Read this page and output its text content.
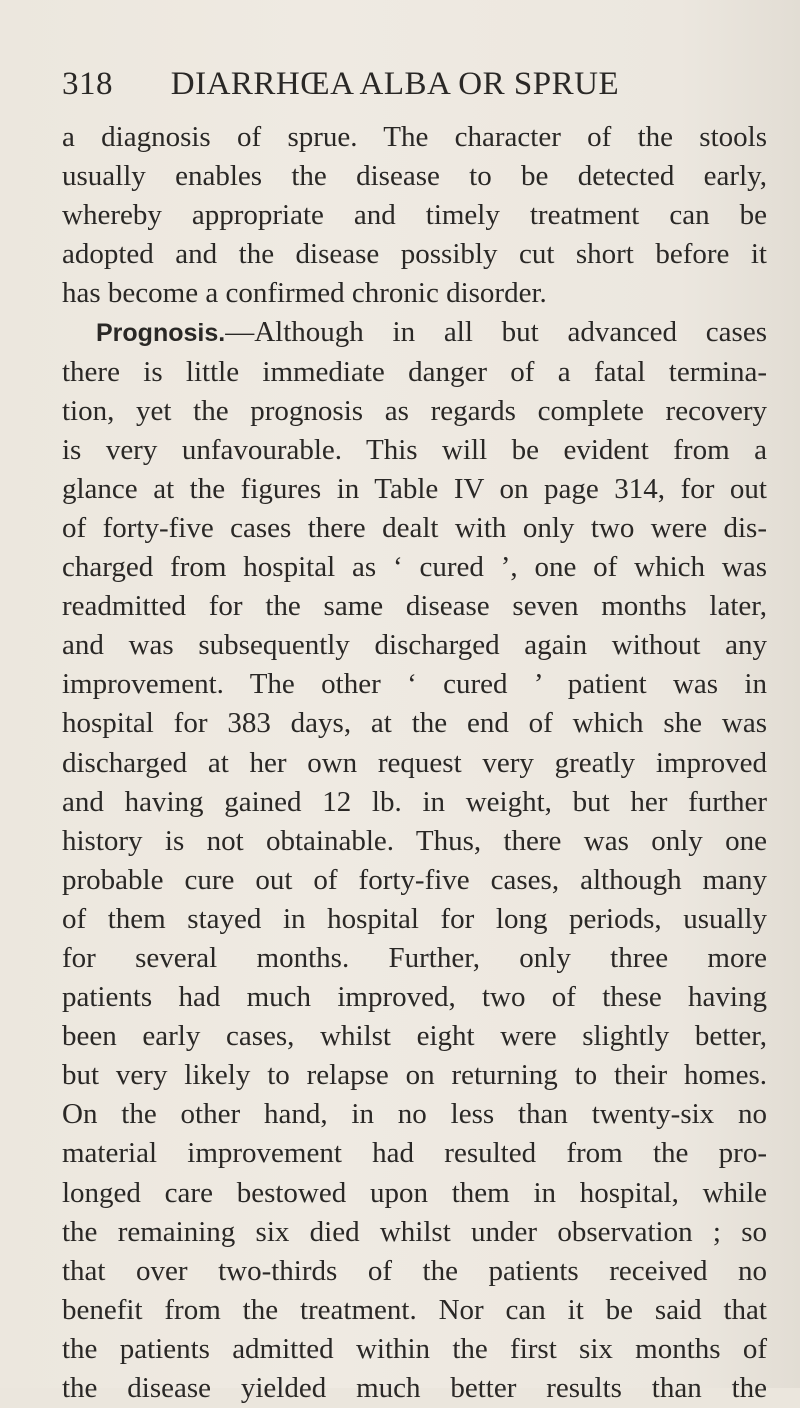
318 DIARRHŒA ALBA OR SPRUE
a diagnosis of sprue. The character of the stools
usually enables the disease to be detected early,
whereby appropriate and timely treatment can be
adopted and the disease possibly cut short before it
has become a confirmed chronic disorder.
Prognosis.—Although in all but advanced cases
there is little immediate danger of a fatal termina-
tion, yet the prognosis as regards complete recovery
is very unfavourable. This will be evident from a
glance at the figures in Table IV on page 314, for out
of forty-five cases there dealt with only two were dis-
charged from hospital as ‘ cured ’, one of which was
readmitted for the same disease seven months later,
and was subsequently discharged again without any
improvement. The other ‘ cured ’ patient was in
hospital for 383 days, at the end of which she was
discharged at her own request very greatly improved
and having gained 12 lb. in weight, but her further
history is not obtainable. Thus, there was only one
probable cure out of forty-five cases, although many
of them stayed in hospital for long periods, usually
for several months. Further, only three more
patients had much improved, two of these having
been early cases, whilst eight were slightly better,
but very likely to relapse on returning to their homes.
On the other hand, in no less than twenty-six no
material improvement had resulted from the pro-
longed care bestowed upon them in hospital, while
the remaining six died whilst under observation ; so
that over two-thirds of the patients received no
benefit from the treatment. Nor can it be said that
the patients admitted within the first six months of
the disease yielded much better results than the
